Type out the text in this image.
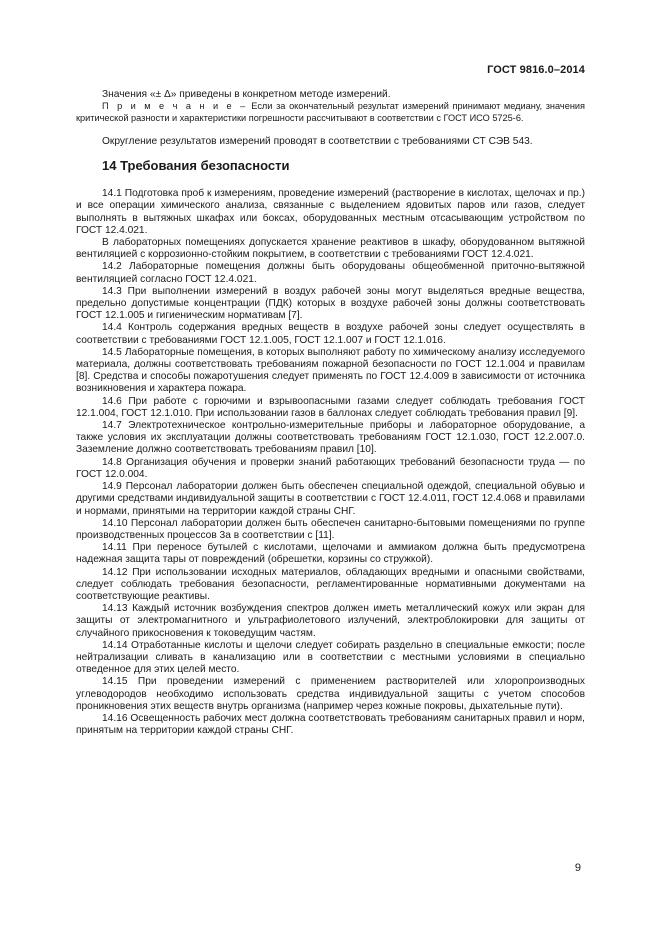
ГОСТ 9816.0–2014

Значения «± Δ» приведены в конкретном методе измерений.

П р и м е ч а н и е – Если за окончательный результат измерений принимают медиану, значения критической разности и характеристики погрешности рассчитывают в соответствии с ГОСТ ИСО 5725-6.

Округление результатов измерений проводят в соответствии с требованиями СТ СЭВ 543.

14 Требования безопасности

14.1 Подготовка проб к измерениям, проведение измерений (растворение в кислотах, щелочах и пр.) и все операции химического анализа, связанные с выделением ядовитых паров или газов, следует выполнять в вытяжных шкафах или боксах, оборудованных местным отсасывающим устройством по ГОСТ 12.4.021.

В лабораторных помещениях допускается хранение реактивов в шкафу, оборудованном вытяжной вентиляцией с коррозионно-стойким покрытием, в соответствии с требованиями ГОСТ 12.4.021.

14.2 Лабораторные помещения должны быть оборудованы общеобменной приточно-вытяжной вентиляцией согласно ГОСТ 12.4.021.

14.3 При выполнении измерений в воздух рабочей зоны могут выделяться вредные вещества, предельно допустимые концентрации (ПДК) которых в воздухе рабочей зоны должны соответствовать ГОСТ 12.1.005 и гигиеническим нормативам [7].

14.4 Контроль содержания вредных веществ в воздухе рабочей зоны следует осуществлять в соответствии с требованиями ГОСТ 12.1.005, ГОСТ 12.1.007 и ГОСТ 12.1.016.

14.5 Лабораторные помещения, в которых выполняют работу по химическому анализу исследуемого материала, должны соответствовать требованиям пожарной безопасности по ГОСТ 12.1.004 и правилам [8]. Средства и способы пожаротушения следует применять по ГОСТ 12.4.009 в зависимости от источника возникновения и характера пожара.

14.6 При работе с горючими и взрывоопасными газами следует соблюдать требования ГОСТ 12.1.004, ГОСТ 12.1.010. При использовании газов в баллонах следует соблюдать требования правил [9].

14.7 Электротехническое контрольно-измерительные приборы и лабораторное оборудование, а также условия их эксплуатации должны соответствовать требованиям ГОСТ 12.1.030, ГОСТ 12.2.007.0. Заземление должно соответствовать требованиям правил [10].

14.8 Организация обучения и проверки знаний работающих требований безопасности труда — по ГОСТ 12.0.004.

14.9 Персонал лаборатории должен быть обеспечен специальной одеждой, специальной обувью и другими средствами индивидуальной защиты в соответствии с ГОСТ 12.4.011, ГОСТ 12.4.068 и правилами и нормами, принятыми на территории каждой страны СНГ.

14.10 Персонал лаборатории должен быть обеспечен санитарно-бытовыми помещениями по группе производственных процессов 3а в соответствии с [11].

14.11 При переносе бутылей с кислотами, щелочами и аммиаком должна быть предусмотрена надежная защита тары от повреждений (обрешетки, корзины со стружкой).

14.12 При использовании исходных материалов, обладающих вредными и опасными свойствами, следует соблюдать требования безопасности, регламентированные нормативными документами на соответствующие реактивы.

14.13 Каждый источник возбуждения спектров должен иметь металлический кожух или экран для защиты от электромагнитного и ультрафиолетового излучений, электроблокировки для защиты от случайного прикосновения к токоведущим частям.

14.14 Отработанные кислоты и щелочи следует собирать раздельно в специальные емкости; после нейтрализации сливать в канализацию или в соответствии с местными условиями в специально отведенное для этих целей место.

14.15 При проведении измерений с применением растворителей или хлоропроизводных углеводородов необходимо использовать средства индивидуальной защиты с учетом способов проникновения этих веществ внутрь организма (например через кожные покровы, дыхательные пути).

14.16 Освещенность рабочих мест должна соответствовать требованиям санитарных правил и норм, принятым на территории каждой страны СНГ.

9
